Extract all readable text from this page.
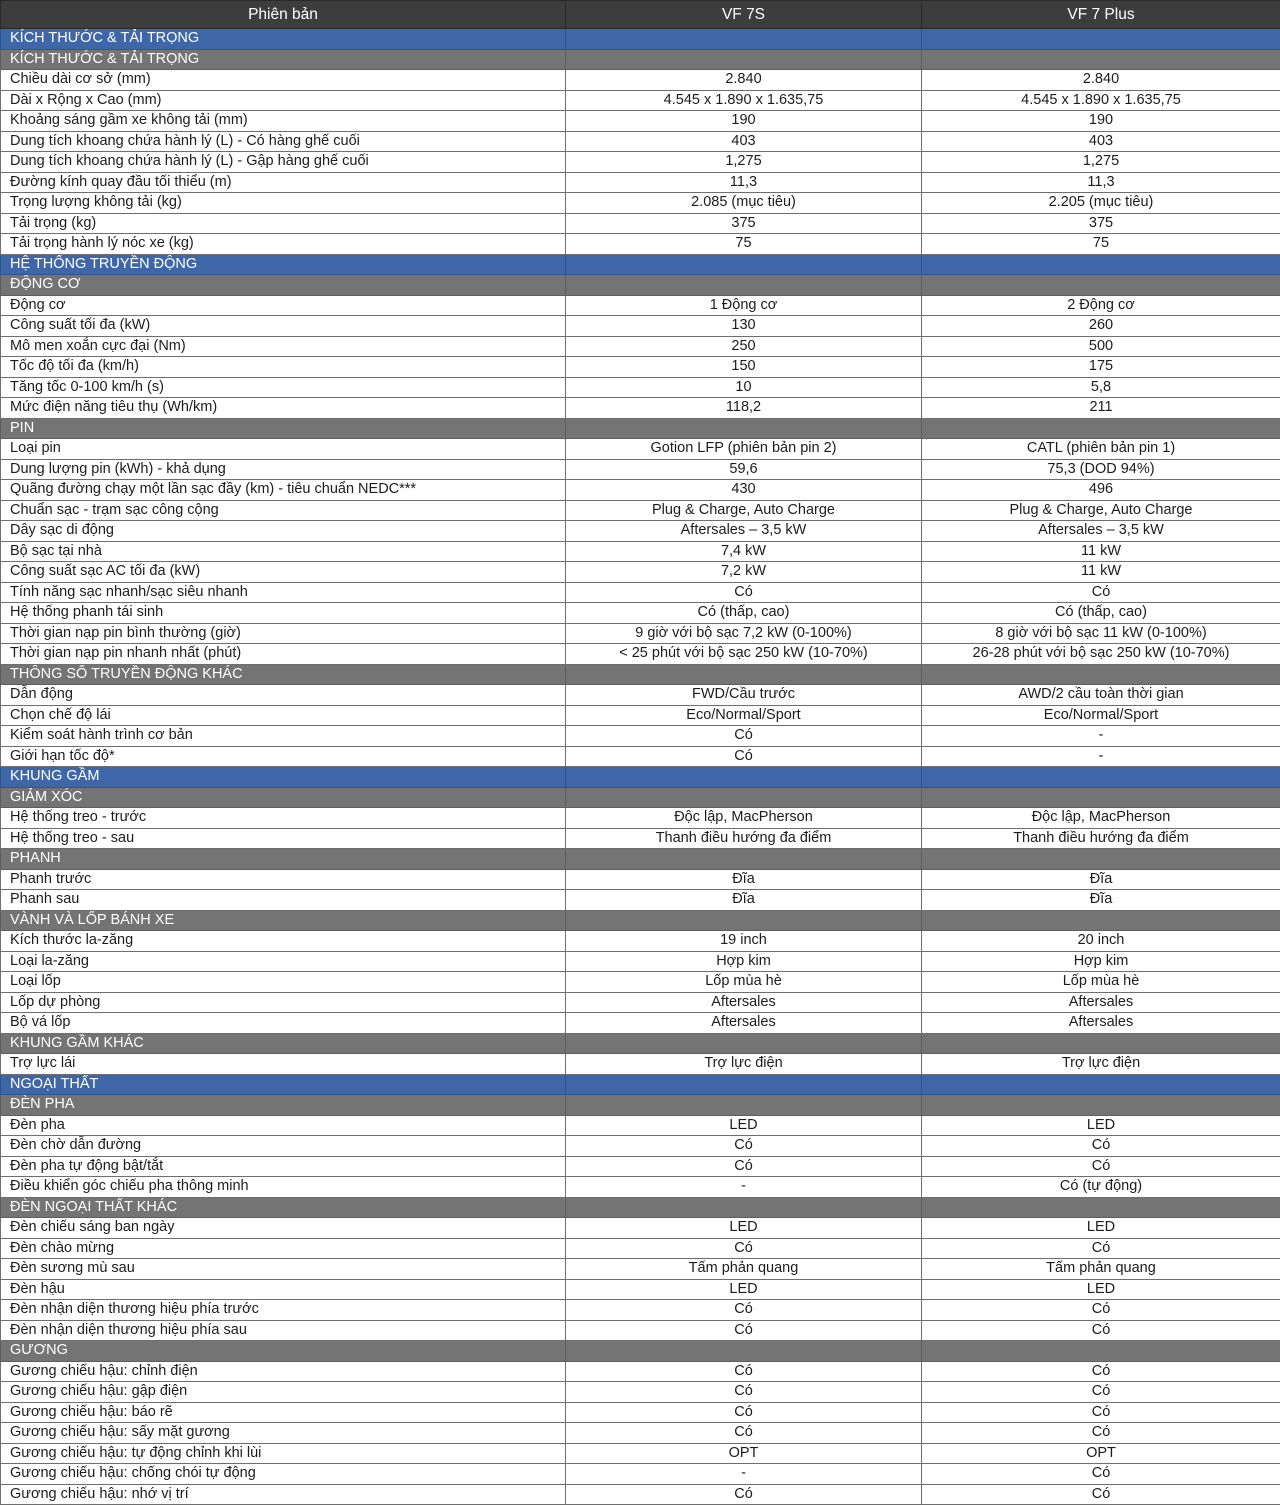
Phiên bản	VF 7S	VF 7 Plus
KÍCH THƯỚC & TẢI TRỌNG		
KÍCH THƯỚC & TẢI TRỌNG		
Chiều dài cơ sở (mm)	2.840	2.840
Dài x Rộng x Cao (mm)	4.545 x 1.890 x 1.635,75	4.545 x 1.890 x 1.635,75
Khoảng sáng gầm xe không tải (mm)	190	190
Dung tích khoang chứa hành lý (L) - Có hàng ghế cuối	403	403
Dung tích khoang chứa hành lý (L) - Gập hàng ghế cuối	1,275	1,275
Đường kính quay đầu tối thiểu (m)	11,3	11,3
Trọng lượng không tải (kg)	2.085 (mục tiêu)	2.205 (mục tiêu)
Tải trọng (kg)	375	375
Tải trọng hành lý nóc xe (kg)	75	75
HỆ THỐNG TRUYỀN ĐỘNG		
ĐỘNG CƠ		
Động cơ	1 Động cơ	2 Động cơ
Công suất tối đa (kW)	130	260
Mô men xoắn cực đại (Nm)	250	500
Tốc độ tối đa (km/h)	150	175
Tăng tốc 0-100 km/h (s)	10	5,8
Mức điện năng tiêu thụ (Wh/km)	118,2	211
PIN		
Loại pin	Gotion LFP (phiên bản pin 2)	CATL (phiên bản pin 1)
Dung lượng pin (kWh) - khả dụng	59,6	75,3 (DOD 94%)
Quãng đường chạy một lần sạc đầy (km) - tiêu chuẩn NEDC***	430	496
Chuẩn sạc - trạm sạc công cộng	Plug & Charge, Auto Charge	Plug & Charge, Auto Charge
Dây sạc di động	Aftersales – 3,5 kW	Aftersales – 3,5 kW
Bộ sạc tại nhà	7,4 kW	11 kW
Công suất sạc AC tối đa (kW)	7,2 kW	11 kW
Tính năng sạc nhanh/sạc siêu nhanh	Có	Có
Hệ thống phanh tái sinh	Có (thấp, cao)	Có (thấp, cao)
Thời gian nạp pin bình thường (giờ)	9 giờ với bộ sạc 7,2 kW (0-100%)	8 giờ với bộ sạc 11 kW (0-100%)
Thời gian nạp pin nhanh nhất (phút)	< 25 phút với bộ sạc 250 kW (10-70%)	26-28 phút với bộ sạc 250 kW (10-70%)
THÔNG SỐ TRUYỀN ĐỘNG KHÁC		
Dẫn động	FWD/Cầu trước	AWD/2 cầu toàn thời gian
Chọn chế độ lái	Eco/Normal/Sport	Eco/Normal/Sport
Kiểm soát hành trình cơ bản	Có	-
Giới hạn tốc độ*	Có	-
KHUNG GẦM		
GIẢM XÓC		
Hệ thống treo - trước	Độc lập, MacPherson	Độc lập, MacPherson
Hệ thống treo - sau	Thanh điều hướng đa điểm	Thanh điều hướng đa điểm
PHANH		
Phanh trước	Đĩa	Đĩa
Phanh sau	Đĩa	Đĩa
VÀNH VÀ LỐP BÁNH XE		
Kích thước la-zăng	19 inch	20 inch
Loại la-zăng	Hợp kim	Hợp kim
Loại lốp	Lốp mùa hè	Lốp mùa hè
Lốp dự phòng	Aftersales	Aftersales
Bộ vá lốp	Aftersales	Aftersales
KHUNG GẦM KHÁC		
Trợ lực lái	Trợ lực điện	Trợ lực điện
NGOẠI THẤT		
ĐÈN PHA		
Đèn pha	LED	LED
Đèn chờ dẫn đường	Có	Có
Đèn pha tự động bật/tắt	Có	Có
Điều khiển góc chiếu pha thông minh	-	Có (tự động)
ĐÈN NGOẠI THẤT KHÁC		
Đèn chiếu sáng ban ngày	LED	LED
Đèn chào mừng	Có	Có
Đèn sương mù sau	Tấm phản quang	Tấm phản quang
Đèn hậu	LED	LED
Đèn nhận diện thương hiệu phía trước	Có	Có
Đèn nhận diện thương hiệu phía sau	Có	Có
GƯƠNG		
Gương chiếu hậu: chỉnh điện	Có	Có
Gương chiếu hậu: gập điện	Có	Có
Gương chiếu hậu: báo rẽ	Có	Có
Gương chiếu hậu: sấy mặt gương	Có	Có
Gương chiếu hậu: tự động chỉnh khi lùi	OPT	OPT
Gương chiếu hậu: chống chói tự động	-	Có
Gương chiếu hậu: nhớ vị trí	Có	Có
